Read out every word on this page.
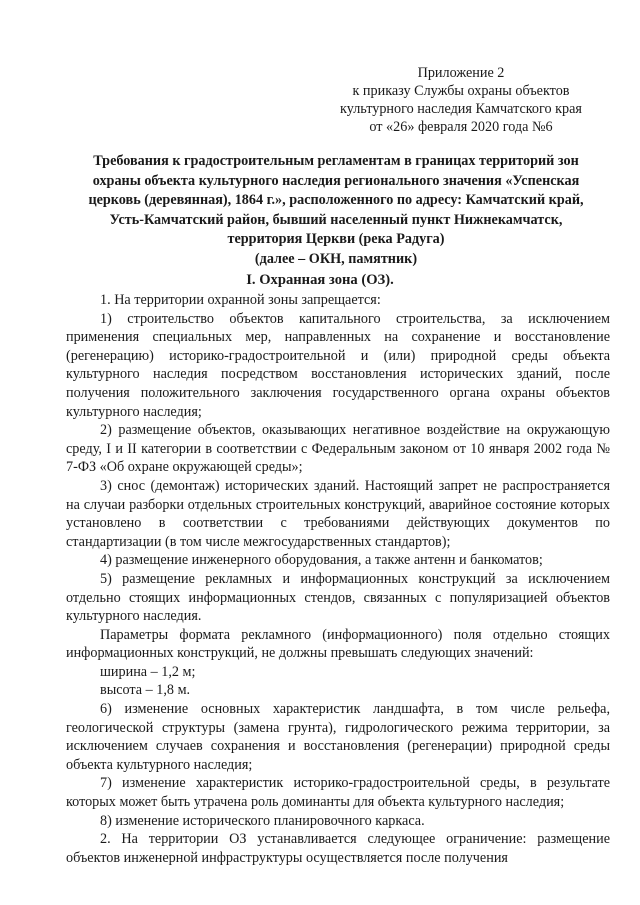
Приложение 2
к приказу Службы охраны объектов
культурного наследия Камчатского края
от «26» февраля 2020 года №6
Требования к градостроительным регламентам в границах территорий зон
охраны объекта культурного наследия регионального значения «Успенская
церковь (деревянная), 1864 г.», расположенного по адресу: Камчатский край,
Усть-Камчатский район, бывший населенный пункт Нижнекамчатск,
территория Церкви (река Радуга)
(далее – ОКН, памятник)
I. Охранная зона (ОЗ).

1. На территории охранной зоны запрещается:

1) строительство объектов капитального строительства, за исключением применения специальных мер, направленных на сохранение и восстановление (регенерацию) историко-градостроительной и (или) природной среды объекта культурного наследия посредством восстановления исторических зданий, после получения положительного заключения государственного органа охраны объектов культурного наследия;

2) размещение объектов, оказывающих негативное воздействие на окружающую среду, I и II категории в соответствии с Федеральным законом от 10 января 2002 года № 7-ФЗ «Об охране окружающей среды»;

3) снос (демонтаж) исторических зданий. Настоящий запрет не распространяется на случаи разборки отдельных строительных конструкций, аварийное состояние которых установлено в соответствии с требованиями действующих документов по стандартизации (в том числе межгосударственных стандартов);

4) размещение инженерного оборудования, а также антенн и банкоматов;

5) размещение рекламных и информационных конструкций за исключением отдельно стоящих информационных стендов, связанных с популяризацией объектов культурного наследия.

Параметры формата рекламного (информационного) поля отдельно стоящих информационных конструкций, не должны превышать следующих значений:

ширина – 1,2 м;

высота – 1,8 м.

6) изменение основных характеристик ландшафта, в том числе рельефа, геологической структуры (замена грунта), гидрологического режима территории, за исключением случаев сохранения и восстановления (регенерации) природной среды объекта культурного наследия;

7) изменение характеристик историко-градостроительной среды, в результате которых может быть утрачена роль доминанты для объекта культурного наследия;

8) изменение исторического планировочного каркаса.

2. На территории ОЗ устанавливается следующее ограничение: размещение объектов инженерной инфраструктуры осуществляется после получения
